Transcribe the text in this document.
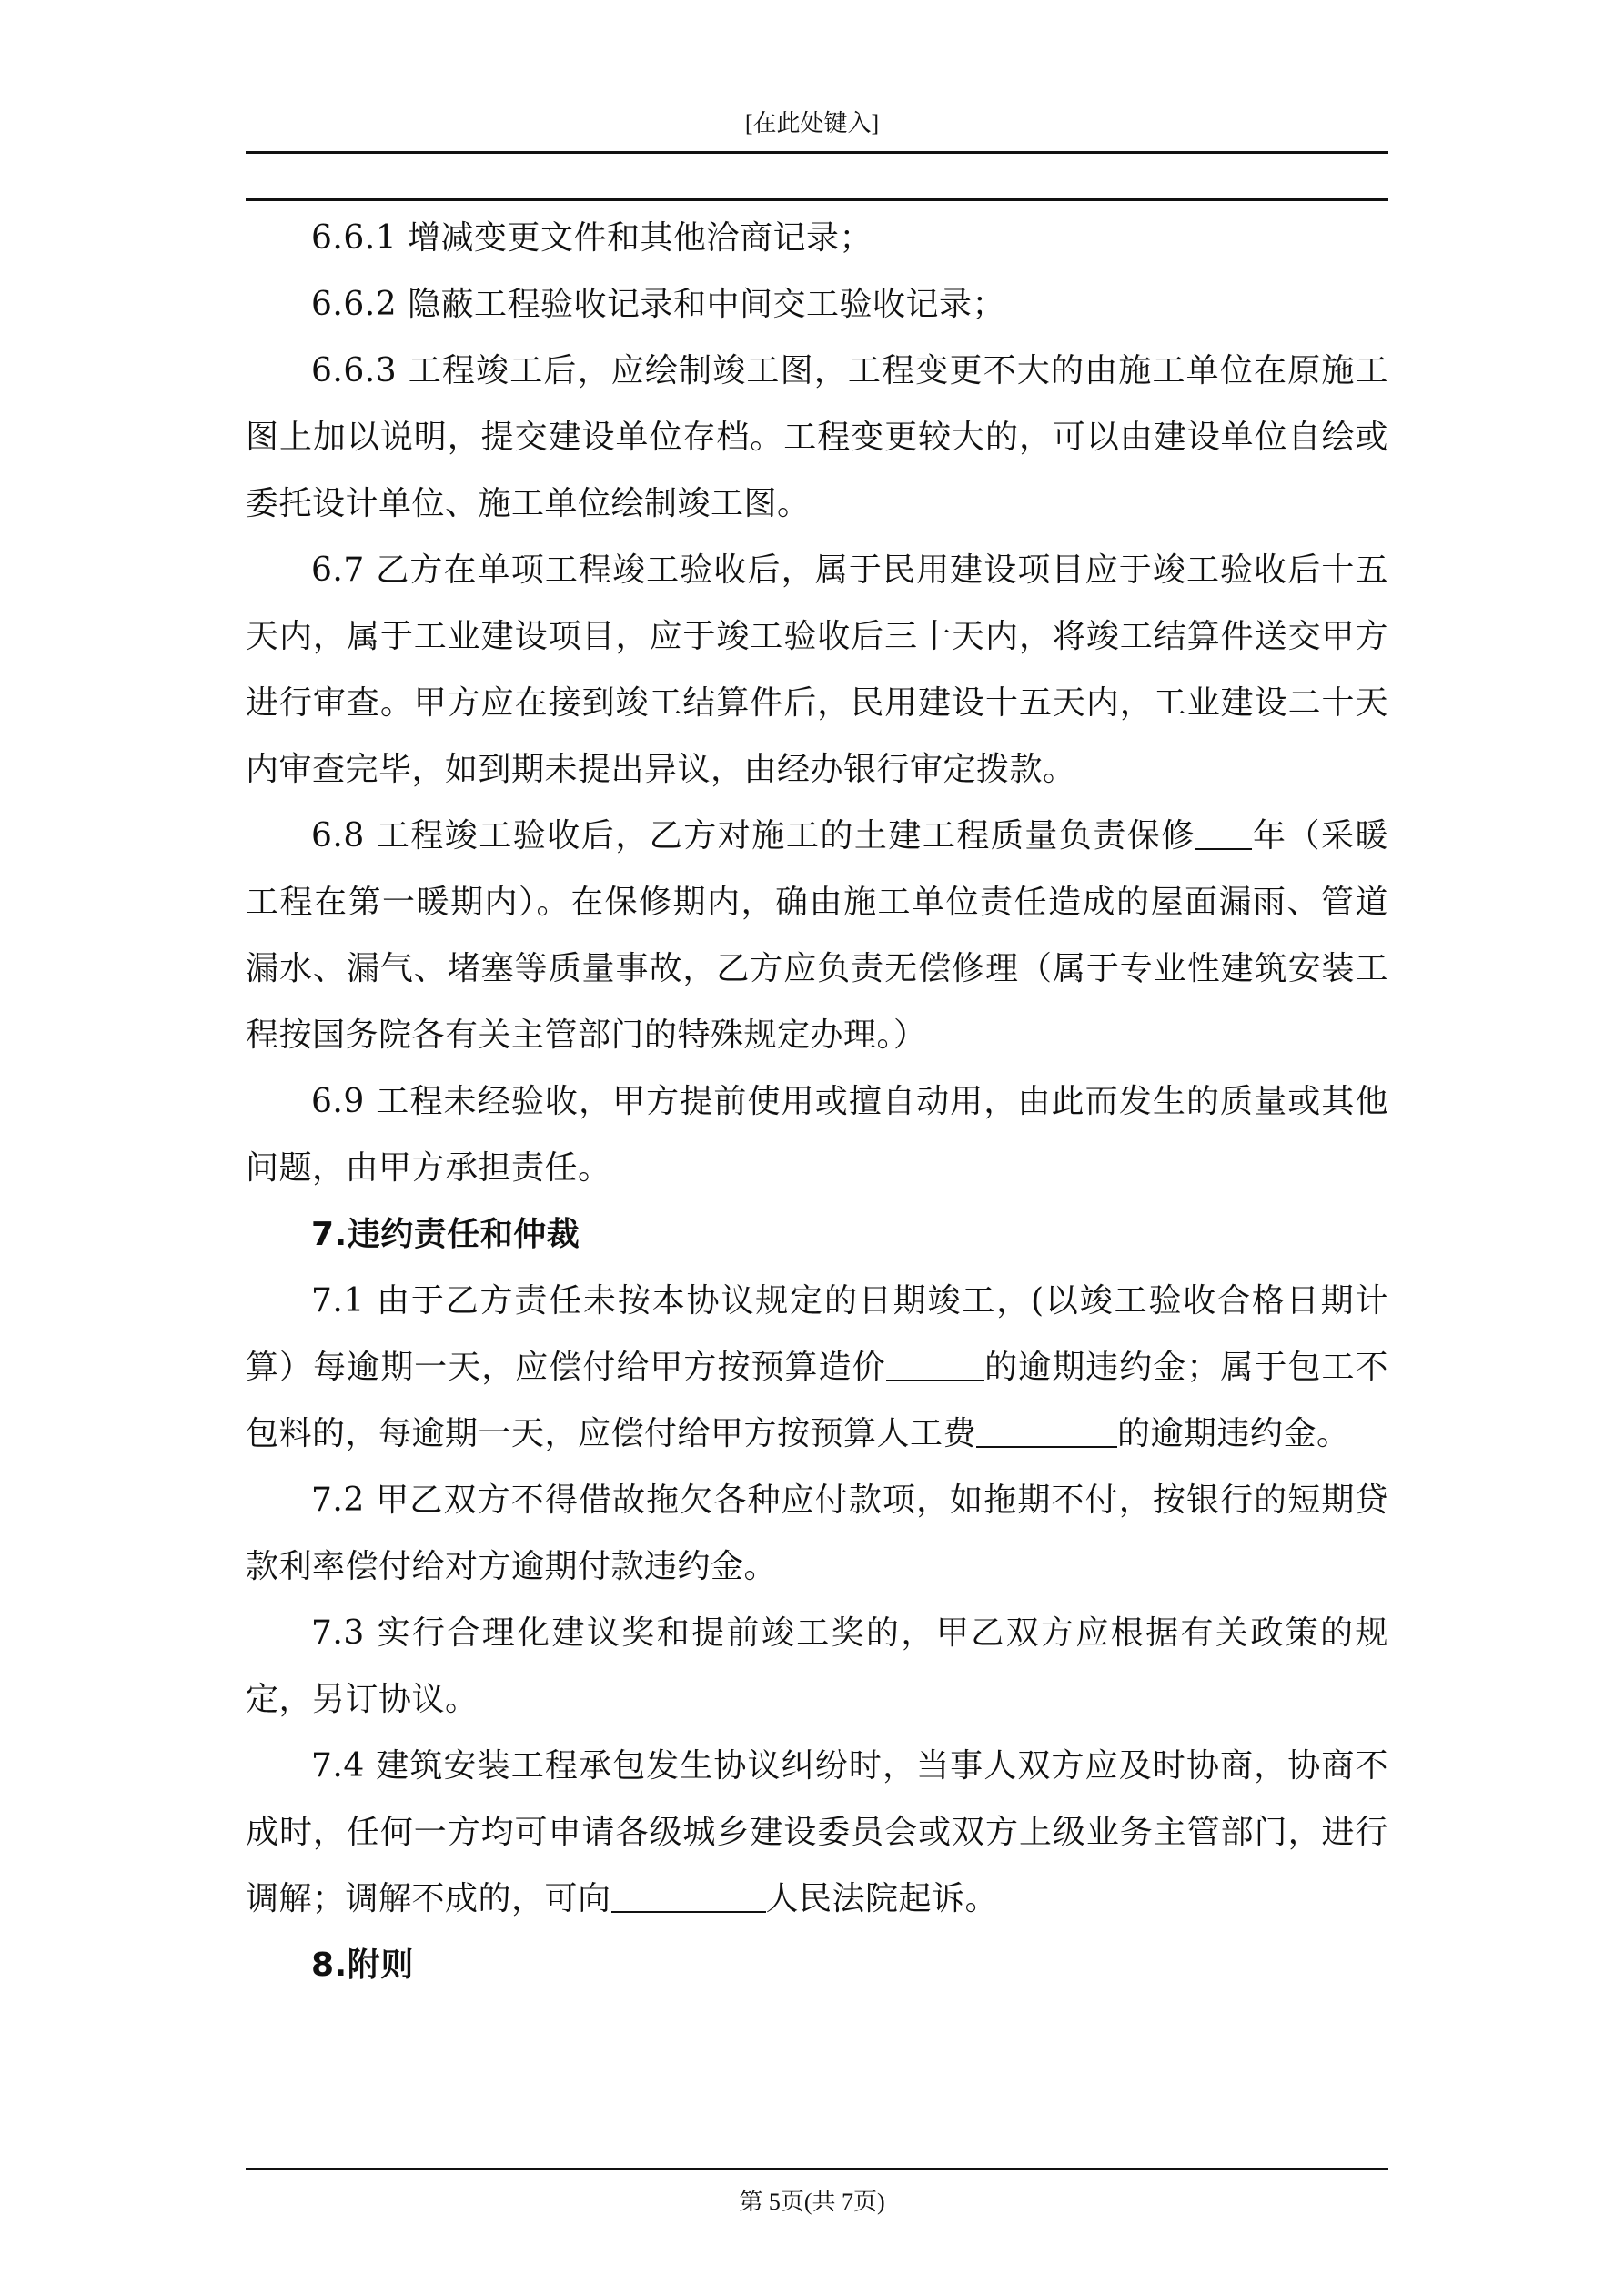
[在此处键入]

6.6.1 增减变更文件和其他洽商记录；

6.6.2 隐蔽工程验收记录和中间交工验收记录；

6.6.3 工程竣工后，应绘制竣工图，工程变更不大的由施工单位在原施工图上加以说明，提交建设单位存档。工程变更较大的，可以由建设单位自绘或委托设计单位、施工单位绘制竣工图。

6.7 乙方在单项工程竣工验收后，属于民用建设项目应于竣工验收后十五天内，属于工业建设项目，应于竣工验收后三十天内，将竣工结算件送交甲方进行审查。甲方应在接到竣工结算件后，民用建设十五天内，工业建设二十天内审查完毕，如到期未提出异议，由经办银行审定拨款。

6.8 工程竣工验收后，乙方对施工的土建工程质量负责保修 年（采暖工程在第一暖期内）。在保修期内，确由施工单位责任造成的屋面漏雨、管道漏水、漏气、堵塞等质量事故，乙方应负责无偿修理（属于专业性建筑安装工程按国务院各有关主管部门的特殊规定办理。）

6.9 工程未经验收，甲方提前使用或擅自动用，由此而发生的质量或其他问题，由甲方承担责任。

7.违约责任和仲裁

7.1 由于乙方责任未按本协议规定的日期竣工，(以竣工验收合格日期计算）每逾期一天，应偿付给甲方按预算造价	的逾期违约金；属于包工不包料的，每逾期一天，应偿付给甲方按预算人工费	的逾期违约金。

7.2 甲乙双方不得借故拖欠各种应付款项，如拖期不付，按银行的短期贷款利率偿付给对方逾期付款违约金。

7.3 实行合理化建议奖和提前竣工奖的，甲乙双方应根据有关政策的规定，另订协议。

7.4 建筑安装工程承包发生协议纠纷时，当事人双方应及时协商，协商不成时，任何一方均可申请各级城乡建设委员会或双方上级业务主管部门，进行调解；调解不成的，可向	人民法院起诉。

8.附则

第 5页(共 7页)
